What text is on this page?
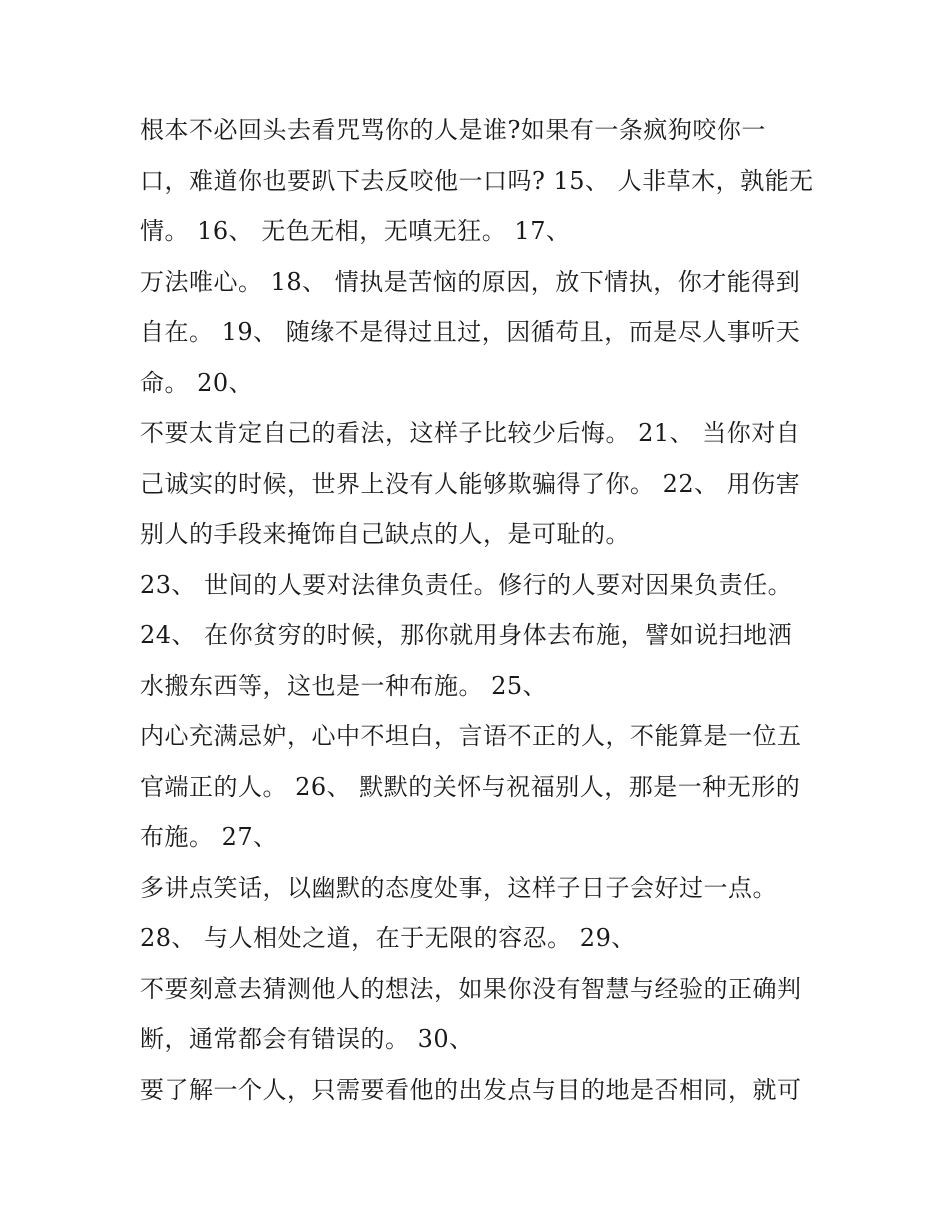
根本不必回头去看咒骂你的人是谁?如果有一条疯狗咬你一
口，难道你也要趴下去反咬他一口吗? 15、 人非草木，孰能无
情。 16、 无色无相，无嗔无狂。 17、
万法唯心。 18、 情执是苦恼的原因，放下情执，你才能得到
自在。 19、 随缘不是得过且过，因循苟且，而是尽人事听天
命。 20、
不要太肯定自己的看法，这样子比较少后悔。 21、 当你对自
己诚实的时候，世界上没有人能够欺骗得了你。 22、 用伤害
别人的手段来掩饰自己缺点的人，是可耻的。
23、 世间的人要对法律负责任。修行的人要对因果负责任。
24、 在你贫穷的时候，那你就用身体去布施，譬如说扫地洒
水搬东西等，这也是一种布施。 25、
内心充满忌妒，心中不坦白，言语不正的人，不能算是一位五
官端正的人。 26、 默默的关怀与祝福别人，那是一种无形的
布施。 27、
多讲点笑话，以幽默的态度处事，这样子日子会好过一点。
28、 与人相处之道，在于无限的容忍。 29、
不要刻意去猜测他人的想法，如果你没有智慧与经验的正确判
断，通常都会有错误的。 30、
要了解一个人，只需要看他的出发点与目的地是否相同，就可
